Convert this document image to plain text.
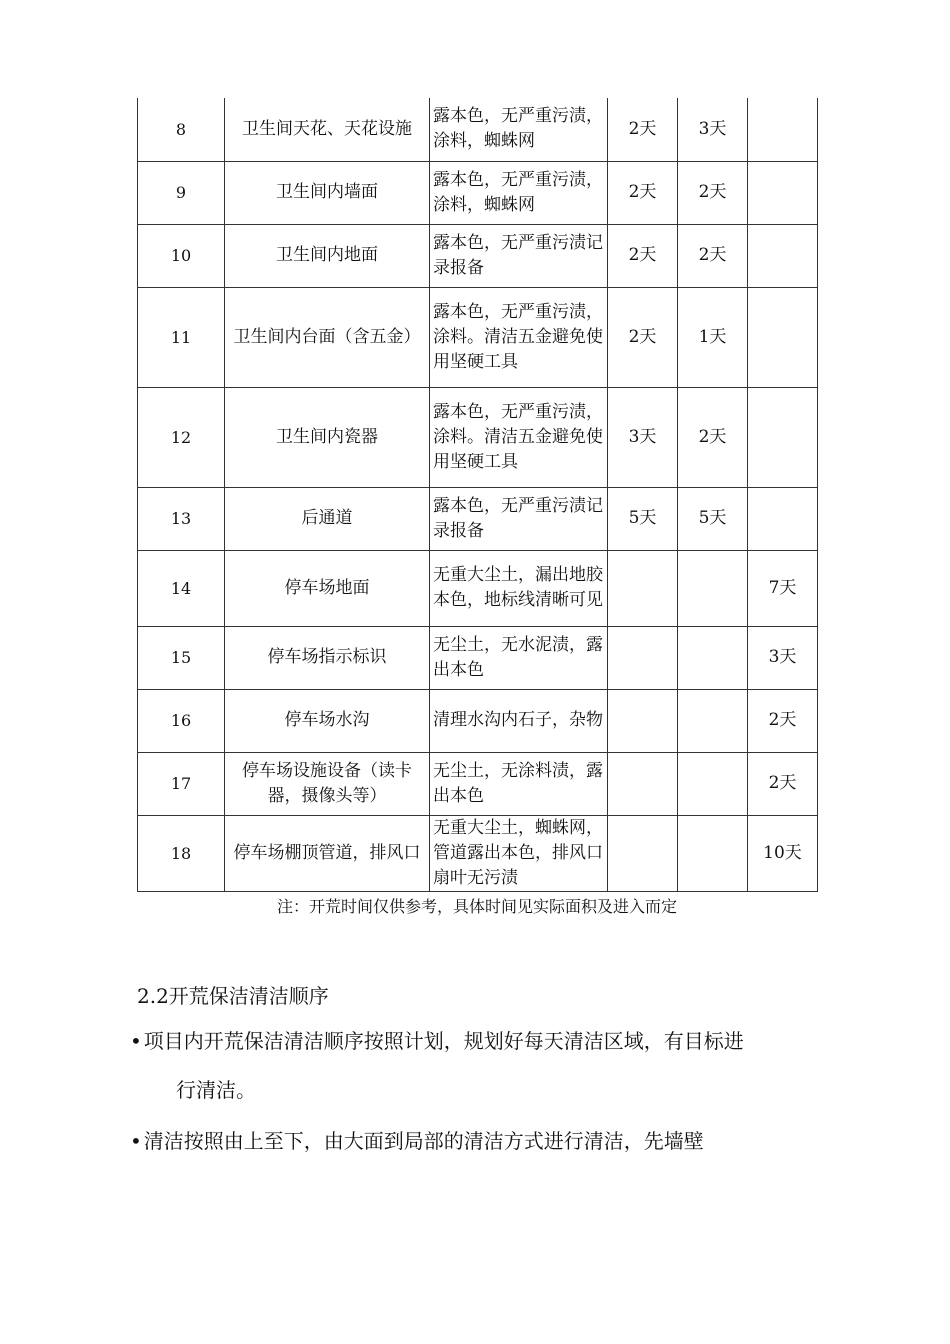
8	卫生间天花、天花设施	露本色，无严重污渍，涂料，蜘蛛网	2天	3天	
9	卫生间内墙面	露本色，无严重污渍，涂料，蜘蛛网	2天	2天	
10	卫生间内地面	露本色，无严重污渍记录报备	2天	2天	
11	卫生间内台面（含五金）	露本色，无严重污渍，涂料。清洁五金避免使用坚硬工具	2天	1天	
12	卫生间内瓷器	露本色，无严重污渍，涂料。清洁五金避免使用坚硬工具	3天	2天	
13	后通道	露本色，无严重污渍记录报备	5天	5天	
14	停车场地面	无重大尘土，漏出地胶本色，地标线清晰可见			7天
15	停车场指示标识	无尘土，无水泥渍，露出本色			3天
16	停车场水沟	清理水沟内石子，杂物			2天
17	停车场设施设备（读卡器，摄像头等）	无尘土，无涂料渍，露出本色			2天
18	停车场棚顶管道，排风口	无重大尘土，蜘蛛网，管道露出本色，排风口扇叶无污渍			10天
注：开荒时间仅供参考，具体时间见实际面积及进入而定
2.2开荒保洁清洁顺序
• 项目内开荒保洁清洁顺序按照计划，规划好每天清洁区域，有目标进
行清洁。
• 清洁按照由上至下，由大面到局部的清洁方式进行清洁，先墙壁
